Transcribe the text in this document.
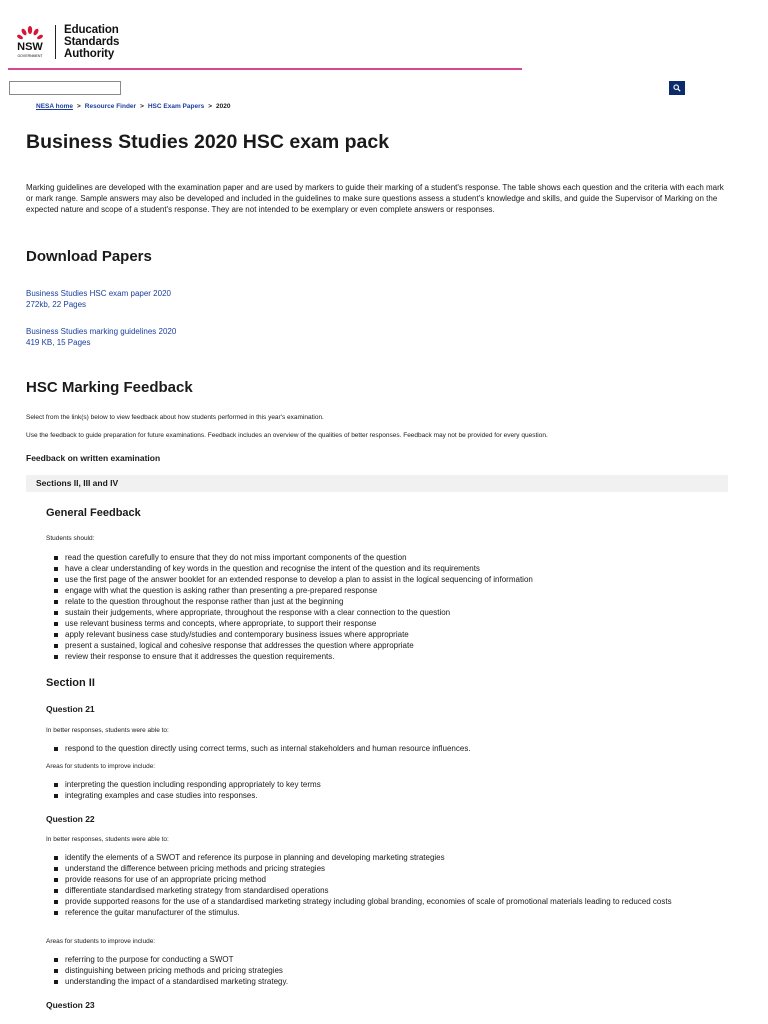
NSW
GOVERNMENT
Education
Standards
Authority
NESA home > Resource Finder > HSC Exam Papers > 2020
Business Studies 2020 HSC exam pack

Marking guidelines are developed with the examination paper and are used by markers to guide their marking of a student's response. The table shows each question and the criteria with each mark or mark range. Sample answers may also be developed and included in the guidelines to make sure questions assess a student's knowledge and skills, and guide the Supervisor of Marking on the expected nature and scope of a student's response. They are not intended to be exemplary or even complete answers or responses.

Download Papers
Business Studies HSC exam paper 2020
272kb, 22 Pages
Business Studies marking guidelines 2020
419 KB, 15 Pages
HSC Marking Feedback

Select from the link(s) below to view feedback about how students performed in this year's examination.

Use the feedback to guide preparation for future examinations. Feedback includes an overview of the qualities of better responses. Feedback may not be provided for every question.

Feedback on written examination
Sections II, III and IV
General Feedback

Students should:

read the question carefully to ensure that they do not miss important components of the question
have a clear understanding of key words in the question and recognise the intent of the question and its requirements
use the first page of the answer booklet for an extended response to develop a plan to assist in the logical sequencing of information
engage with what the question is asking rather than presenting a pre-prepared response
relate to the question throughout the response rather than just at the beginning
sustain their judgements, where appropriate, throughout the response with a clear connection to the question
use relevant business terms and concepts, where appropriate, to support their response
apply relevant business case study/studies and contemporary business issues where appropriate
present a sustained, logical and cohesive response that addresses the question where appropriate
review their response to ensure that it addresses the question requirements.
Section II
Question 21

In better responses, students were able to:

respond to the question directly using correct terms, such as internal stakeholders and human resource influences.

Areas for students to improve include:

interpreting the question including responding appropriately to key terms
integrating examples and case studies into responses.
Question 22

In better responses, students were able to:

identify the elements of a SWOT and reference its purpose in planning and developing marketing strategies
understand the difference between pricing methods and pricing strategies
provide reasons for use of an appropriate pricing method
differentiate standardised marketing strategy from standardised operations
provide supported reasons for the use of a standardised marketing strategy including global branding, economies of scale of promotional materials leading to reduced costs
reference the guitar manufacturer of the stimulus.

Areas for students to improve include:

referring to the purpose for conducting a SWOT
distinguishing between pricing methods and pricing strategies
understanding the impact of a standardised marketing strategy.
Question 23
